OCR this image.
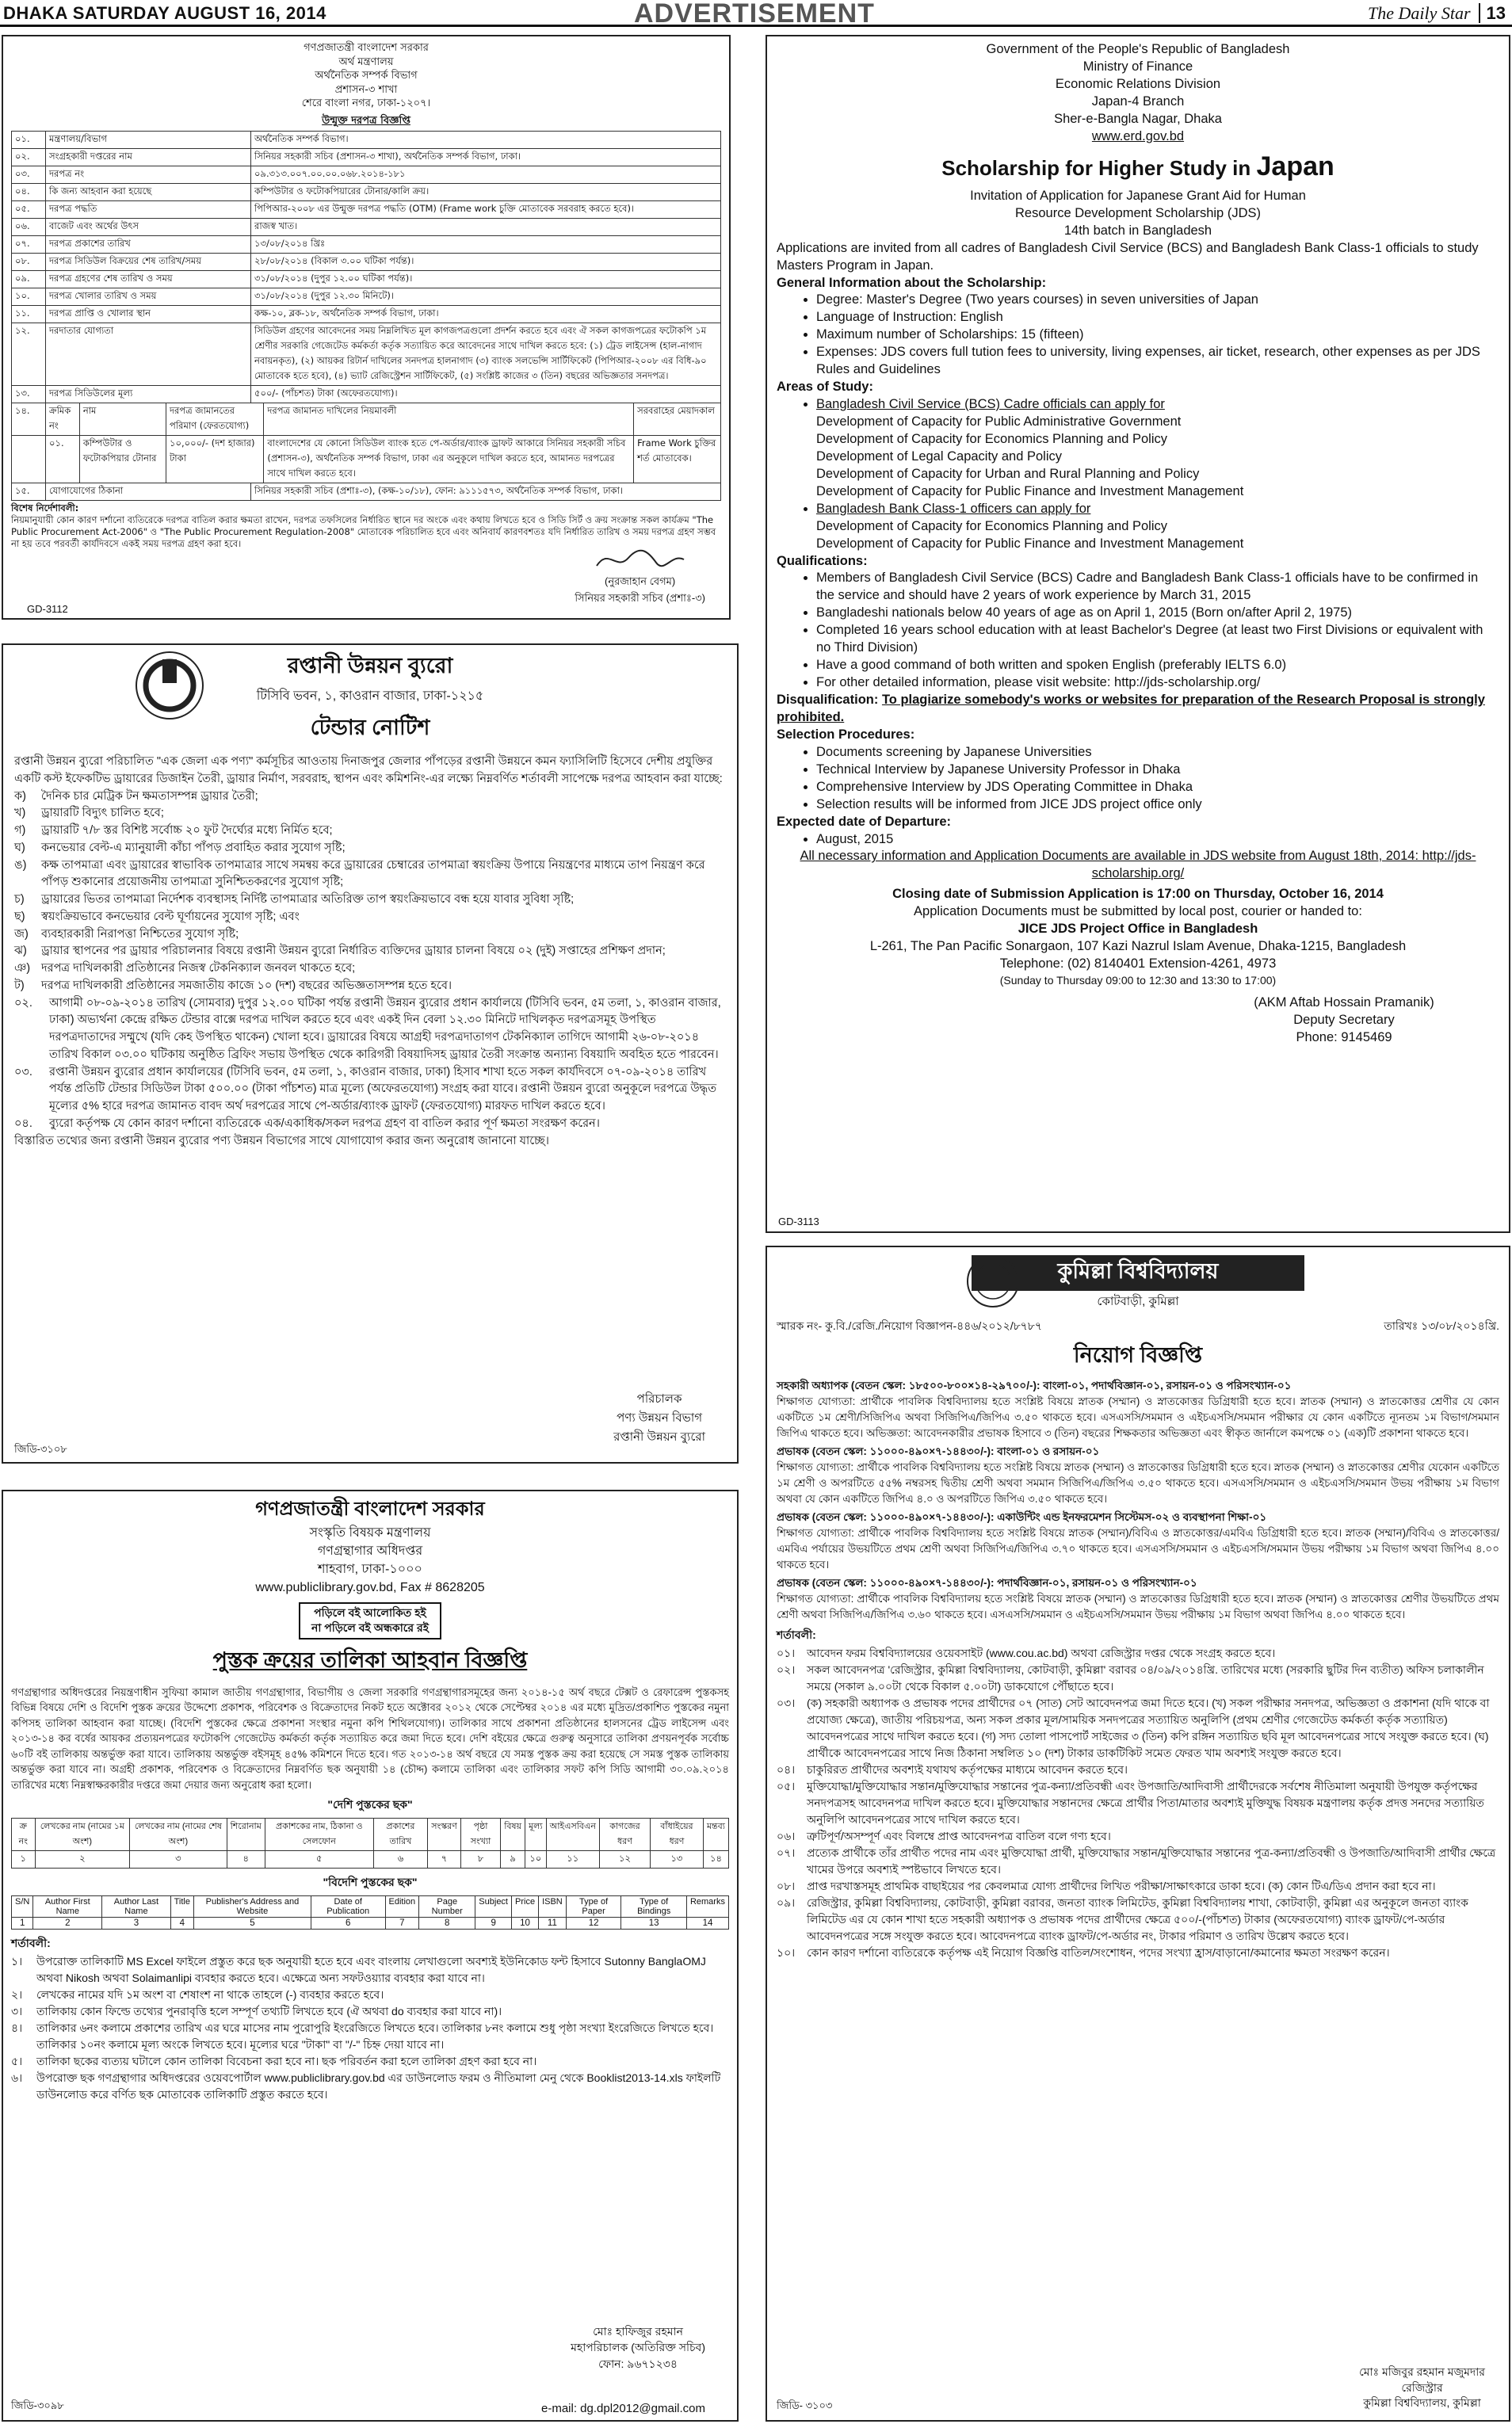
DHAKA SATURDAY AUGUST 16, 2014	ADVERTISEMENT	The Daily Star 13
গণপ্রজাতন্ত্রী বাংলাদেশ সরকার
অর্থ মন্ত্রণালয়
অর্থনৈতিক সম্পর্ক বিভাগ
প্রশাসন-৩ শাখা
শেরে বাংলা নগর, ঢাকা-১২০৭।
উন্মুক্ত দরপত্র বিজ্ঞপ্তি
০১.	মন্ত্রণালয়/বিভাগ	অর্থনৈতিক সম্পর্ক বিভাগ।
০২.	সংগ্রহকারী দপ্তরের নাম	সিনিয়র সহকারী সচিব (প্রশাসন-৩ শাখা), অর্থনৈতিক সম্পর্ক বিভাগ, ঢাকা।
০৩.	দরপত্র নং	০৯.৩১৩.০০৭.০০.০০.০৬৮.২০১৪-১৮১
০৪.	কি জন্য আহবান করা হয়েছে	কম্পিউটার ও ফটোকপিয়ারের টোনার/কালি ক্রয়।
০৫.	দরপত্র পদ্ধতি	পিপিআর-২০০৮ এর উন্মুক্ত দরপত্র পদ্ধতি (OTM) (Frame work চুক্তি মোতাবেক সরবরাহ করতে হবে)।
০৬.	বাজেট এবং অর্থের উৎস	রাজস্ব খাত।
০৭.	দরপত্র প্রকাশের তারিখ	১৩/০৮/২০১৪ খ্রিঃ
০৮.	দরপত্র সিডিউল বিক্রয়ের শেষ তারিখ/সময়	২৮/০৮/২০১৪ (বিকাল ৩.০০ ঘটিকা পর্যন্ত)।
০৯.	দরপত্র গ্রহণের শেষ তারিখ ও সময়	৩১/০৮/২০১৪ (দুপুর ১২.০০ ঘটিকা পর্যন্ত)।
১০.	দরপত্র খোলার তারিখ ও সময়	৩১/০৮/২০১৪ (দুপুর ১২.৩০ মিনিটে)।
১১.	দরপত্র প্রাপ্তি ও খোলার স্থান	কক্ষ-১০, ব্লক-১৮, অর্থনৈতিক সম্পর্ক বিভাগ, ঢাকা।
১২.	দরদাতার যোগ্যতা	সিডিউল গ্রহণের আবেদনের সময় নিম্নলিখিত মূল কাগজপত্রগুলো প্রদর্শন করতে হবে এবং ঐ সকল কাগজপত্রের ফটোকপি ১ম শ্রেণীর সরকারি গেজেটেড কর্মকর্তা কর্তৃক সত্যায়িত করে আবেদনের সাথে দাখিল করতে হবে: (১) ট্রেড লাইসেন্স (হাল-নাগাদ নবায়নকৃত), (২) আয়কর রিটার্ন দাখিলের সনদপত্র হালনাগাদ (৩) ব্যাংক সলভেন্সি সার্টিফিকেট (পিপিআর-২০০৮ এর বিধি-৯০ মোতাবেক হতে হবে), (৪) ভ্যাট রেজিস্ট্রেশন সার্টিফিকেট, (৫) সংশ্লিষ্ট কাজের ৩ (তিন) বছরের অভিজ্ঞতার সনদপত্র।
১৩.	দরপত্র সিডিউলের মূল্য	৫০০/- (পাঁচশত) টাকা (অফেরতযোগ্য)।
১৪.	ক্রমিক নং	নাম	দরপত্র জামানতের পরিমাণ (ফেরতযোগ্য)	দরপত্র জামানত দাখিলের নিয়মাবলী	সরবরাহের মেয়াদকাল
	০১.	কম্পিউটার ও ফটোকপিয়ার টোনার	১০,০০০/- (দশ হাজার) টাকা	বাংলাদেশের যে কোনো সিডিউল ব্যাংক হতে পে-অর্ডার/ব্যাংক ড্রাফট আকারে সিনিয়র সহকারী সচিব (প্রশাসন-৩), অর্থনৈতিক সম্পর্ক বিভাগ, ঢাকা এর অনুকূলে দাখিল করতে হবে, আমানত দরপত্রের সাথে দাখিল করতে হবে।	Frame Work চুক্তির শর্ত মোতাবেক।
১৫.	যোগাযোগের ঠিকানা	সিনিয়র সহকারী সচিব (প্রশাঃ-৩), (কক্ষ-১০/১৮), ফোন: ৯১১১৫৭৩, অর্থনৈতিক সম্পর্ক বিভাগ, ঢাকা।
বিশেষ নির্দেশাবলী:
নিয়মানুযায়ী কোন কারণ দর্শানো ব্যতিরেকে দরপত্র বাতিল করার ক্ষমতা রাখেন, দরপত্র তফসিলের নির্ধারিত স্থানে দর অংকে এবং কথায় লিখতে হবে ও সিডি সির্ট ও ক্রয় সংক্রান্ত সকল কার্যক্রম "The Public Procurement Act-2006" ও "The Public Procurement Regulation-2008" মোতাবেক পরিচালিত হবে এবং অনিবার্য কারণবশতঃ যদি নির্ধারিত তারিখ ও সময় দরপত্র গ্রহণ সম্ভব না হয় তবে পরবর্তী কার্যদিবসে একই সময় দরপত্র গ্রহণ করা হবে।
(নুরজাহান বেগম)
সিনিয়র সহকারী সচিব (প্রশাঃ-৩)
GD-3112
Government of the People's Republic of Bangladesh
Ministry of Finance
Economic Relations Division
Japan-4 Branch
Sher-e-Bangla Nagar, Dhaka
www.erd.gov.bd
Scholarship for Higher Study in Japan
Invitation of Application for Japanese Grant Aid for Human
Resource Development Scholarship (JDS)
14th batch in Bangladesh

Applications are invited from all cadres of Bangladesh Civil Service (BCS) and Bangladesh Bank Class-1 officials to study Masters Program in Japan.

General Information about the Scholarship:
• Degree: Master's Degree (Two years courses) in seven universities of Japan
• Language of Instruction: English
• Maximum number of Scholarships: 15 (fifteen)
• Expenses: JDS covers full tution fees to university, living expenses, air ticket, research, other expenses as per JDS Rules and Guidelines
Areas of Study:
• Bangladesh Civil Service (BCS) Cadre officials can apply for
Development of Capacity for Public Administrative Government
Development of Capacity for Economics Planning and Policy
Development of Legal Capacity and Policy
Development of Capacity for Urban and Rural Planning and Policy
Development of Capacity for Public Finance and Investment Management
• Bangladesh Bank Class-1 officers can apply for
Development of Capacity for Economics Planning and Policy
Development of Capacity for Public Finance and Investment Management
Qualifications:
• Members of Bangladesh Civil Service (BCS) Cadre and Bangladesh Bank Class-1 officials have to be confirmed in the service and should have 2 years of work experience by March 31, 2015
• Bangladeshi nationals below 40 years of age as on April 1, 2015 (Born on/after April 2, 1975)
• Completed 16 years school education with at least Bachelor's Degree (at least two First Divisions or equivalent with no Third Division)
• Have a good command of both written and spoken English (preferably IELTS 6.0)
• For other detailed information, please visit website: http://jds-scholarship.org/
Disqualification: To plagiarize somebody's works or websites for preparation of the Research Proposal is strongly prohibited.
Selection Procedures:
• Documents screening by Japanese Universities
• Technical Interview by Japanese University Professor in Dhaka
• Comprehensive Interview by JDS Operating Committee in Dhaka
• Selection results will be informed from JICE JDS project office only
Expected date of Departure:
• August, 2015
All necessary information and Application Documents are available in JDS website from August 18th, 2014: http://jds-scholarship.org/
Closing date of Submission Application is 17:00 on Thursday, October 16, 2014
Application Documents must be submitted by local post, courier or handed to:
JICE JDS Project Office in Bangladesh
L-261, The Pan Pacific Sonargaon, 107 Kazi Nazrul Islam Avenue, Dhaka-1215, Bangladesh
Telephone: (02) 8140401 Extension-4261, 4973
(Sunday to Thursday 09:00 to 12:30 and 13:30 to 17:00)
(AKM Aftab Hossain Pramanik)
Deputy Secretary
Phone: 9145469
GD-3113
রপ্তানী উন্নয়ন ব্যুরো
টিসিবি ভবন, ১, কাওরান বাজার, ঢাকা-১২১৫
টেন্ডার নোটিশ

রপ্তানী উন্নয়ন ব্যুরো পরিচালিত "এক জেলা এক পণ্য" কর্মসূচির আওতায় দিনাজপুর জেলার পাঁপড়ের রপ্তানী উন্নয়নে কমন ফ্যাসিলিটি হিসেবে দেশীয় প্রযুক্তির একটি কস্ট ইফেকটিভ ড্রায়ারের ডিজাইন তৈরী, ড্রায়ার নির্মাণ, সরবরাহ, স্থাপন এবং কমিশনিং-এর লক্ষ্যে নিম্নবর্ণিত শর্তাবলী সাপেক্ষে দরপত্র আহবান করা যাচ্ছে:

ক)	দৈনিক চার মেট্রিক টন ক্ষমতাসম্পন্ন ড্রায়ার তৈরী;
খ)	ড্রায়ারটি বিদ্যুৎ চালিত হবে;
গ)	ড্রায়ারটি ৭/৮ স্তর বিশিষ্ট সর্বোচ্চ ২০ ফুট দৈর্ঘ্যের মধ্যে নির্মিত হবে;
ঘ)	কনভেয়ার বেল্ট-এ ম্যানুয়ালী কাঁচা পাঁপড় প্রবাহিত করার সুযোগ সৃষ্টি;
ঙ)	কক্ষ তাপমাত্রা এবং ড্রায়ারের স্বাভাবিক তাপমাত্রার সাথে সমন্বয় করে ড্রায়ারের চেম্বারের তাপমাত্রা স্বয়ংক্রিয় উপায়ে নিয়ন্ত্রণের মাধ্যমে তাপ নিয়ন্ত্রণ করে পাঁপড় শুকানোর প্রয়োজনীয় তাপমাত্রা সুনিশ্চিতকরণের সুযোগ সৃষ্টি;
চ)	ড্রায়ারের ভিতর তাপমাত্রা নির্দেশক ব্যবস্থাসহ নির্দিষ্ট তাপমাত্রার অতিরিক্ত তাপ স্বয়ংক্রিয়ভাবে বন্ধ হয়ে যাবার সুবিধা সৃষ্টি;
ছ)	স্বয়ংক্রিয়ভাবে কনভেয়ার বেল্ট ঘূর্ণায়নের সুযোগ সৃষ্টি; এবং
জ)	ব্যবহারকারী নিরাপত্তা নিশ্চিতের সুযোগ সৃষ্টি;
ঝ)	ড্রায়ার স্থাপনের পর ড্রায়ার পরিচালনার বিষয়ে রপ্তানী উন্নয়ন ব্যুরো নির্ধারিত ব্যক্তিদের ড্রায়ার চালনা বিষয়ে ০২ (দুই) সপ্তাহের প্রশিক্ষণ প্রদান;
ঞ) দরপত্র দাখিলকারী প্রতিষ্ঠানের নিজস্ব টেকনিক্যাল জনবল থাকতে হবে;
ট)	দরপত্র দাখিলকারী প্রতিষ্ঠানের সমজাতীয় কাজে ১০ (দশ) বছরের অভিজ্ঞতাসম্পন্ন হতে হবে।
০২.	আগামী ০৮-০৯-২০১৪ তারিখ (সোমবার) দুপুর ১২.০০ ঘটিকা পর্যন্ত রপ্তানী উন্নয়ন ব্যুরোর প্রধান কার্যালয়ে (টিসিবি ভবন, ৫ম তলা, ১, কাওরান বাজার, ঢাকা) অভ্যর্থনা কেন্দ্রে রক্ষিত টেন্ডার বাক্সে দরপত্র দাখিল করতে হবে এবং একই দিন বেলা ১২.৩০ মিনিটে দাখিলকৃত দরপত্রসমূহ উপস্থিত দরপত্রদাতাদের সম্মুখে (যদি কেহ উপস্থিত থাকেন) খোলা হবে। ড্রায়ারের বিষয়ে আগ্রহী দরপত্রদাতাগণ টেকনিক্যাল তাগিদে আগামী ২৬-০৮-২০১৪ তারিখ বিকাল ০৩.০০ ঘটিকায় অনুষ্ঠিত ব্রিফিং সভায় উপস্থিত থেকে কারিগরী বিষয়াদিসহ ড্রায়ার তৈরী সংক্রান্ত অন্যান্য বিষয়াদি অবহিত হতে পারবেন।
০৩.	রপ্তানী উন্নয়ন ব্যুরোর প্রধান কার্যালয়ের (টিসিবি ভবন, ৫ম তলা, ১, কাওরান বাজার, ঢাকা) হিসাব শাখা হতে সকল কার্যদিবসে ০৭-০৯-২০১৪ তারিখ পর্যন্ত প্রতিটি টেন্ডার সিডিউল টাকা ৫০০.০০ (টাকা পাঁচশত) মাত্র মূল্যে (অফেরতযোগ্য) সংগ্রহ করা যাবে। রপ্তানী উন্নয়ন ব্যুরো অনুকূলে দরপত্রে উদ্ধৃত মূল্যের ৫% হারে দরপত্র জামানত বাবদ অর্থ দরপত্রের সাথে পে-অর্ডার/ব্যাংক ড্রাফট (ফেরতযোগ্য) মারফত দাখিল করতে হবে।
০৪.	ব্যুরো কর্তৃপক্ষ যে কোন কারণ দর্শানো ব্যতিরেকে এক/একাধিক/সকল দরপত্র গ্রহণ বা বাতিল করার পূর্ণ ক্ষমতা সংরক্ষণ করেন।

বিস্তারিত তথ্যের জন্য রপ্তানী উন্নয়ন ব্যুরোর পণ্য উন্নয়ন বিভাগের সাথে যোগাযোগ করার জন্য অনুরোধ জানানো যাচ্ছে।

পরিচালক
পণ্য উন্নয়ন বিভাগ
রপ্তানী উন্নয়ন ব্যুরো
জিডি-৩১০৮
গণপ্রজাতন্ত্রী বাংলাদেশ সরকার
সংস্কৃতি বিষয়ক মন্ত্রণালয়
গণগ্রন্থাগার অধিদপ্তর
শাহবাগ, ঢাকা-১০০০
www.publiclibrary.gov.bd, Fax # 8628205
পড়িলে বই আলোকিত হই
না পড়িলে বই অন্ধকারে রই
পুস্তক ক্রয়ের তালিকা আহবান বিজ্ঞপ্তি

গণগ্রন্থাগার অধিদপ্তরের নিয়ন্ত্রণাধীন সুফিয়া কামাল জাতীয় গণগ্রন্থাগার, বিভাগীয় ও জেলা সরকারি গণগ্রন্থাগারসমূহের জন্য ২০১৪-১৫ অর্থ বছরে টেক্সট ও রেফারেন্স পুস্তকসহ বিভিন্ন বিষয়ে দেশি ও বিদেশি পুস্তক ক্রয়ের উদ্দেশ্যে প্রকাশক, পরিবেশক ও বিক্রেতাদের নিকট হতে অক্টোবর ২০১২ থেকে সেপ্টেম্বর ২০১৪ এর মধ্যে মুদ্রিত/প্রকাশিত পুস্তকের নমুনা কপিসহ তালিকা আহবান করা যাচ্ছে। (বিদেশি পুস্তকের ক্ষেত্রে প্রকাশনা সংস্থার নমুনা কপি শিথিলযোগ্য)। তালিকার সাথে প্রকাশনা প্রতিষ্ঠানের হালসনের ট্রেড লাইসেন্স এবং ২০১৩-১৪ কর বর্ষের আয়কর প্রত্যয়নপত্রের ফটোকপি গেজেটেড কর্মকর্তা কর্তৃক সত্যায়িত করে জমা দিতে হবে। দেশি বইয়ের ক্ষেত্রে গুরুত্ব অনুসারে তালিকা প্রণয়নপূর্বক সর্বোচ্চ ৬০টি বই তালিকায় অন্তর্ভুক্ত করা যাবে। তালিকায় অন্তর্ভুক্ত বইসমূহ ৪৫% কমিশনে দিতে হবে। গত ২০১৩-১৪ অর্থ বছরে যে সমস্ত পুস্তক ক্রয় করা হয়েছে সে সমস্ত পুস্তক তালিকায় অন্তর্ভুক্ত করা যাবে না। অগ্রহী প্রকাশক, পরিবেশক ও বিক্রেতাদের নিম্নবর্ণিত ছক অনুযায়ী ১৪ (চৌদ্দ) কলামে তালিকা এবং তালিকার সফট কপি সিডি আগামী ৩০.০৯.২০১৪ তারিখের মধ্যে নিম্নস্বাক্ষরকারীর দপ্তরে জমা দেয়ার জন্য অনুরোধ করা হলো।

"দেশি পুস্তকের ছক"
ক্র নং	লেখকের নাম (নামের ১ম অংশ)	লেখকের নাম (নামের শেষ অংশ)	শিরোনাম	প্রকাশকের নাম, ঠিকানা ও সেলফোন	প্রকাশের তারিখ	সংস্করণ	পৃষ্ঠা সংখ্যা	বিষয়	মূল্য	আইএসবিএন	কাগজের ধরণ	বাঁধাইয়ের ধরণ	মন্তব্য
১	২	৩	৪	৫	৬	৭	৮	৯	১০	১১	১২	১৩	১৪
"বিদেশি পুস্তকের ছক"
S/N	Author First Name	Author Last Name	Title	Publisher's Address and Website	Date of Publication	Edition	Page Number	Subject	Price	ISBN	Type of Paper	Type of Bindings	Remarks
1	2	3	4	5	6	7	8	9	10	11	12	13	14
শর্তাবলী:
১।	উপরোক্ত তালিকাটি MS Excel ফাইলে প্রস্তুত করে ছক অনুযায়ী হতে হবে এবং বাংলায় লেখাগুলো অবশ্যই ইউনিকোড ফন্ট হিসাবে Sutonny BanglaOMJ অথবা Nikosh অথবা Solaimanlipi ব্যবহার করতে হবে। এক্ষেত্রে অন্য সফটওয়্যার ব্যবহার করা যাবে না।
২।	লেখকের নামের যদি ১ম অংশ বা শেষাংশ না থাকে তাহলে (-) ব্যবহার করতে হবে।
৩।	তালিকায় কোন ফিল্ডে তথ্যের পুনরাবৃত্তি হলে সম্পূর্ণ তথ্যটি লিখতে হবে (ঐ অথবা do ব্যবহার করা যাবে না)।
৪।	তালিকার ৬নং কলামে প্রকাশের তারিখ এর ঘরে মাসের নাম পুরোপুরি ইংরেজিতে লিখতে হবে। তালিকার ৮নং কলামে শুধু পৃষ্ঠা সংখ্যা ইংরেজিতে লিখতে হবে। তালিকার ১০নং কলামে মূল্য অংকে লিখতে হবে। মূল্যের ঘরে "টাকা" বা "/-" চিহ্ন দেয়া যাবে না।
৫।	তালিকা ছকের ব্যত্যয় ঘটালে কোন তালিকা বিবেচনা করা হবে না। ছক পরিবর্তন করা হলে তালিকা গ্রহণ করা হবে না।
৬।	উপরোক্ত ছক গণগ্রন্থাগার অধিদপ্তরের ওয়েবপোর্টাল www.publiclibrary.gov.bd এর ডাউনলোড ফরম ও নীতিমালা মেনু থেকে Booklist2013-14.xls ফাইলটি ডাউনলোড করে বর্ণিত ছক মোতাবেক তালিকাটি প্রস্তুত করতে হবে।
মোঃ হাফিজুর রহমান
মহাপরিচালক (অতিরিক্ত সচিব)
ফোন: ৯৬৭১২৩৪
জিডি-৩০৯৮	e-mail: dg.dpl2012@gmail.com
কুমিল্লা বিশ্ববিদ্যালয়
কোটবাড়ী, কুমিল্লা
স্মারক নং- কু.বি./রেজি./নিয়োগ বিজ্ঞাপন-৪৪৬/২০১২/৮৭৮৭	তারিখঃ ১৩/০৮/২০১৪খ্রি.
নিয়োগ বিজ্ঞপ্তি
সহকারী অধ্যাপক (বেতন স্কেল: ১৮৫০০-৮০০×১৪-২৯৭০০/-): বাংলা-০১, পদার্থবিজ্ঞান-০১, রসায়ন-০১ ও পরিসংখ্যান-০১
শিক্ষাগত যোগ্যতা: প্রার্থীকে পাবলিক বিশ্ববিদ্যালয় হতে সংশ্লিষ্ট বিষয়ে স্নাতক (সম্মান) ও স্নাতকোত্তর ডিগ্রিধারী হতে হবে। স্নাতক (সম্মান) ও স্নাতকোত্তর শ্রেণীর যে কোন একটিতে ১ম শ্রেণী/সিজিপিএ অথবা সিজিপিএ/জিপিএ ৩.৫০ থাকতে হবে। এসএসসি/সমমান ও এইচএসসি/সমমান পরীক্ষার যে কোন একটিতে ন্যূনতম ১ম বিভাগ/সমমান জিপিএ থাকতে হবে। অভিজ্ঞতা: আবেদনকারীর প্রভাষক হিসাবে ৩ (তিন) বছরের শিক্ষকতার অভিজ্ঞতা এবং স্বীকৃত জার্নালে কমপক্ষে ০১ (এক)টি প্রকাশনা থাকতে হবে।
প্রভাষক (বেতন স্কেল: ১১০০০-৪৯০×৭-১৪৪৩০/-): বাংলা-০১ ও রসায়ন-০১
শিক্ষাগত যোগ্যতা: প্রার্থীকে পাবলিক বিশ্ববিদ্যালয় হতে সংশ্লিষ্ট বিষয়ে স্নাতক (সম্মান) ও স্নাতকোত্তর ডিগ্রিধারী হতে হবে। স্নাতক (সম্মান) ও স্নাতকোত্তর শ্রেণীর যেকোন একটিতে ১ম শ্রেণী ও অপরটিতে ৫৫% নম্বরসহ দ্বিতীয় শ্রেণী অথবা সমমান সিজিপিএ/জিপিএ ৩.৫০ থাকতে হবে। এসএসসি/সমমান ও এইচএসসি/সমমান উভয় পরীক্ষায় ১ম বিভাগ অথবা যে কোন একটিতে জিপিএ ৪.০ ও অপরটিতে জিপিএ ৩.৫০ থাকতে হবে।
প্রভাষক (বেতন স্কেল: ১১০০০-৪৯০×৭-১৪৪৩০/-): একাউন্টিং এন্ড ইনফরমেশন সিস্টেমস-০২ ও ব্যবস্থাপনা শিক্ষা-০১
শিক্ষাগত যোগ্যতা: প্রার্থীকে পাবলিক বিশ্ববিদ্যালয় হতে সংশ্লিষ্ট বিষয়ে স্নাতক (সম্মান)/বিবিএ ও স্নাতকোত্তর/এমবিএ ডিগ্রিধারী হতে হবে। স্নাতক (সম্মান)/বিবিএ ও স্নাতকোত্তর/এমবিএ পর্যায়ের উভয়টিতে প্রথম শ্রেণী অথবা সিজিপিএ/জিপিএ ৩.৭০ থাকতে হবে। এসএসসি/সমমান ও এইচএসসি/সমমান উভয় পরীক্ষায় ১ম বিভাগ অথবা জিপিএ ৪.০০ থাকতে হবে।
প্রভাষক (বেতন স্কেল: ১১০০০-৪৯০×৭-১৪৪৩০/-): পদার্থবিজ্ঞান-০১, রসায়ন-০১ ও পরিসংখ্যান-০১
শিক্ষাগত যোগ্যতা: প্রার্থীকে পাবলিক বিশ্ববিদ্যালয় হতে সংশ্লিষ্ট বিষয়ে স্নাতক (সম্মান) ও স্নাতকোত্তর ডিগ্রিধারী হতে হবে। স্নাতক (সম্মান) ও স্নাতকোত্তর শ্রেণীর উভয়টিতে প্রথম শ্রেণী অথবা সিজিপিএ/জিপিএ ৩.৬০ থাকতে হবে। এসএসসি/সমমান ও এইচএসসি/সমমান উভয় পরীক্ষায় ১ম বিভাগ অথবা জিপিএ ৪.০০ থাকতে হবে।
শর্তাবলী:
০১।	আবেদন ফরম বিশ্ববিদ্যালয়ের ওয়েবসাইট (www.cou.ac.bd) অথবা রেজিস্ট্রার দপ্তর থেকে সংগ্রহ করতে হবে।
০২।	সকল আবেদনপত্র 'রেজিস্ট্রার, কুমিল্লা বিশ্ববিদ্যালয়, কোটবাড়ী, কুমিল্লা' বরাবর ০৪/০৯/২০১৪খ্রি. তারিখের মধ্যে (সরকারি ছুটির দিন ব্যতীত) অফিস চলাকালীন সময়ে (সকাল ৯.০০টা থেকে বিকাল ৫.০০টা) ডাকযোগে পৌঁছাতে হবে।
০৩।	(ক) সহকারী অধ্যাপক ও প্রভাষক পদের প্রার্থীদের ০৭ (সাত) সেট আবেদনপত্র জমা দিতে হবে। (খ) সকল পরীক্ষার সনদপত্র, অভিজ্ঞতা ও প্রকাশনা (যদি থাকে বা প্রযোজ্য ক্ষেত্রে), জাতীয় পরিচয়পত্র, অন্য সকল প্রকার মূল/সাময়িক সনদপত্রের সত্যায়িত অনুলিপি (প্রথম শ্রেণীর গেজেটেড কর্মকর্তা কর্তৃক সত্যায়িত) আবেদনপত্রের সাথে দাখিল করতে হবে। (গ) সদ্য তোলা পাসপোর্ট সাইজের ৩ (তিন) কপি রঙ্গিন সত্যায়িত ছবি মূল আবেদনপত্রের সাথে সংযুক্ত করতে হবে। (ঘ) প্রার্থীকে আবেদনপত্রের সাথে নিজ ঠিকানা সম্বলিত ১০ (দশ) টাকার ডাকটিকিট সমেত ফেরত খাম অবশ্যই সংযুক্ত করতে হবে।
০৪।	চাকুরিরত প্রার্থীদের অবশ্যই যথাযথ কর্তৃপক্ষের মাধ্যমে আবেদন করতে হবে।
০৫।	মুক্তিযোদ্ধা/মুক্তিযোদ্ধার সন্তান/মুক্তিযোদ্ধার সন্তানের পুত্র-কন্যা/প্রতিবন্ধী এবং উপজাতি/আদিবাসী প্রার্থীদেরকে সর্বশেষ নীতিমালা অনুযায়ী উপযুক্ত কর্তৃপক্ষের সনদপত্রসহ আবেদনপত্র দাখিল করতে হবে। মুক্তিযোদ্ধার সন্তানদের ক্ষেত্রে প্রার্থীর পিতা/মাতার অবশ্যই মুক্তিযুদ্ধ বিষয়ক মন্ত্রণালয় কর্তৃক প্রদত্ত সনদের সত্যায়িত অনুলিপি আবেদনপত্রের সাথে দাখিল করতে হবে।
০৬।	ত্রুটিপূর্ণ/অসম্পূর্ণ এবং বিলম্বে প্রাপ্ত আবেদনপত্র বাতিল বলে গণ্য হবে।
০৭।	প্রত্যেক প্রার্থীকে তাঁর প্রার্থীত পদের নাম এবং মুক্তিযোদ্ধা প্রার্থী, মুক্তিযোদ্ধার সন্তান/মুক্তিযোদ্ধার সন্তানের পুত্র-কন্যা/প্রতিবন্ধী ও উপজাতি/আদিবাসী প্রার্থীর ক্ষেত্রে খামের উপরে অবশ্যই স্পষ্টভাবে লিখতে হবে।
০৮।	প্রাপ্ত দরখাস্তসমূহ প্রাথমিক বাছাইয়ের পর কেবলমাত্র যোগ্য প্রার্থীদের লিখিত পরীক্ষা/সাক্ষাৎকারে ডাকা হবে। (ক) কোন টিএ/ডিএ প্রদান করা হবে না।
০৯।	রেজিস্ট্রার, কুমিল্লা বিশ্ববিদ্যালয়, কোটবাড়ী, কুমিল্লা বরাবর, জনতা ব্যাংক লিমিটেড, কুমিল্লা বিশ্ববিদ্যালয় শাখা, কোটবাড়ী, কুমিল্লা এর অনুকূলে জনতা ব্যাংক লিমিটেড এর যে কোন শাখা হতে সহকারী অধ্যাপক ও প্রভাষক পদের প্রার্থীদের ক্ষেত্রে ৫০০/-(পাঁচশত) টাকার (অফেরতযোগ্য) ব্যাংক ড্রাফট/পে-অর্ডার আবেদনপত্রের সঙ্গে সংযুক্ত করতে হবে। আবেদনপত্রে ব্যাংক ড্রাফট/পে-অর্ডার নং, টাকার পরিমাণ ও তারিখ উল্লেখ করতে হবে।
১০।	কোন কারণ দর্শানো ব্যতিরেকে কর্তৃপক্ষ এই নিয়োগ বিজ্ঞপ্তি বাতিল/সংশোধন, পদের সংখ্যা হ্রাস/বাড়ানো/কমানোর ক্ষমতা সংরক্ষণ করেন।
মোঃ মজিবুর রহমান মজুমদার
রেজিস্ট্রার
কুমিল্লা বিশ্ববিদ্যালয়, কুমিল্লা
জিডি- ৩১০৩
